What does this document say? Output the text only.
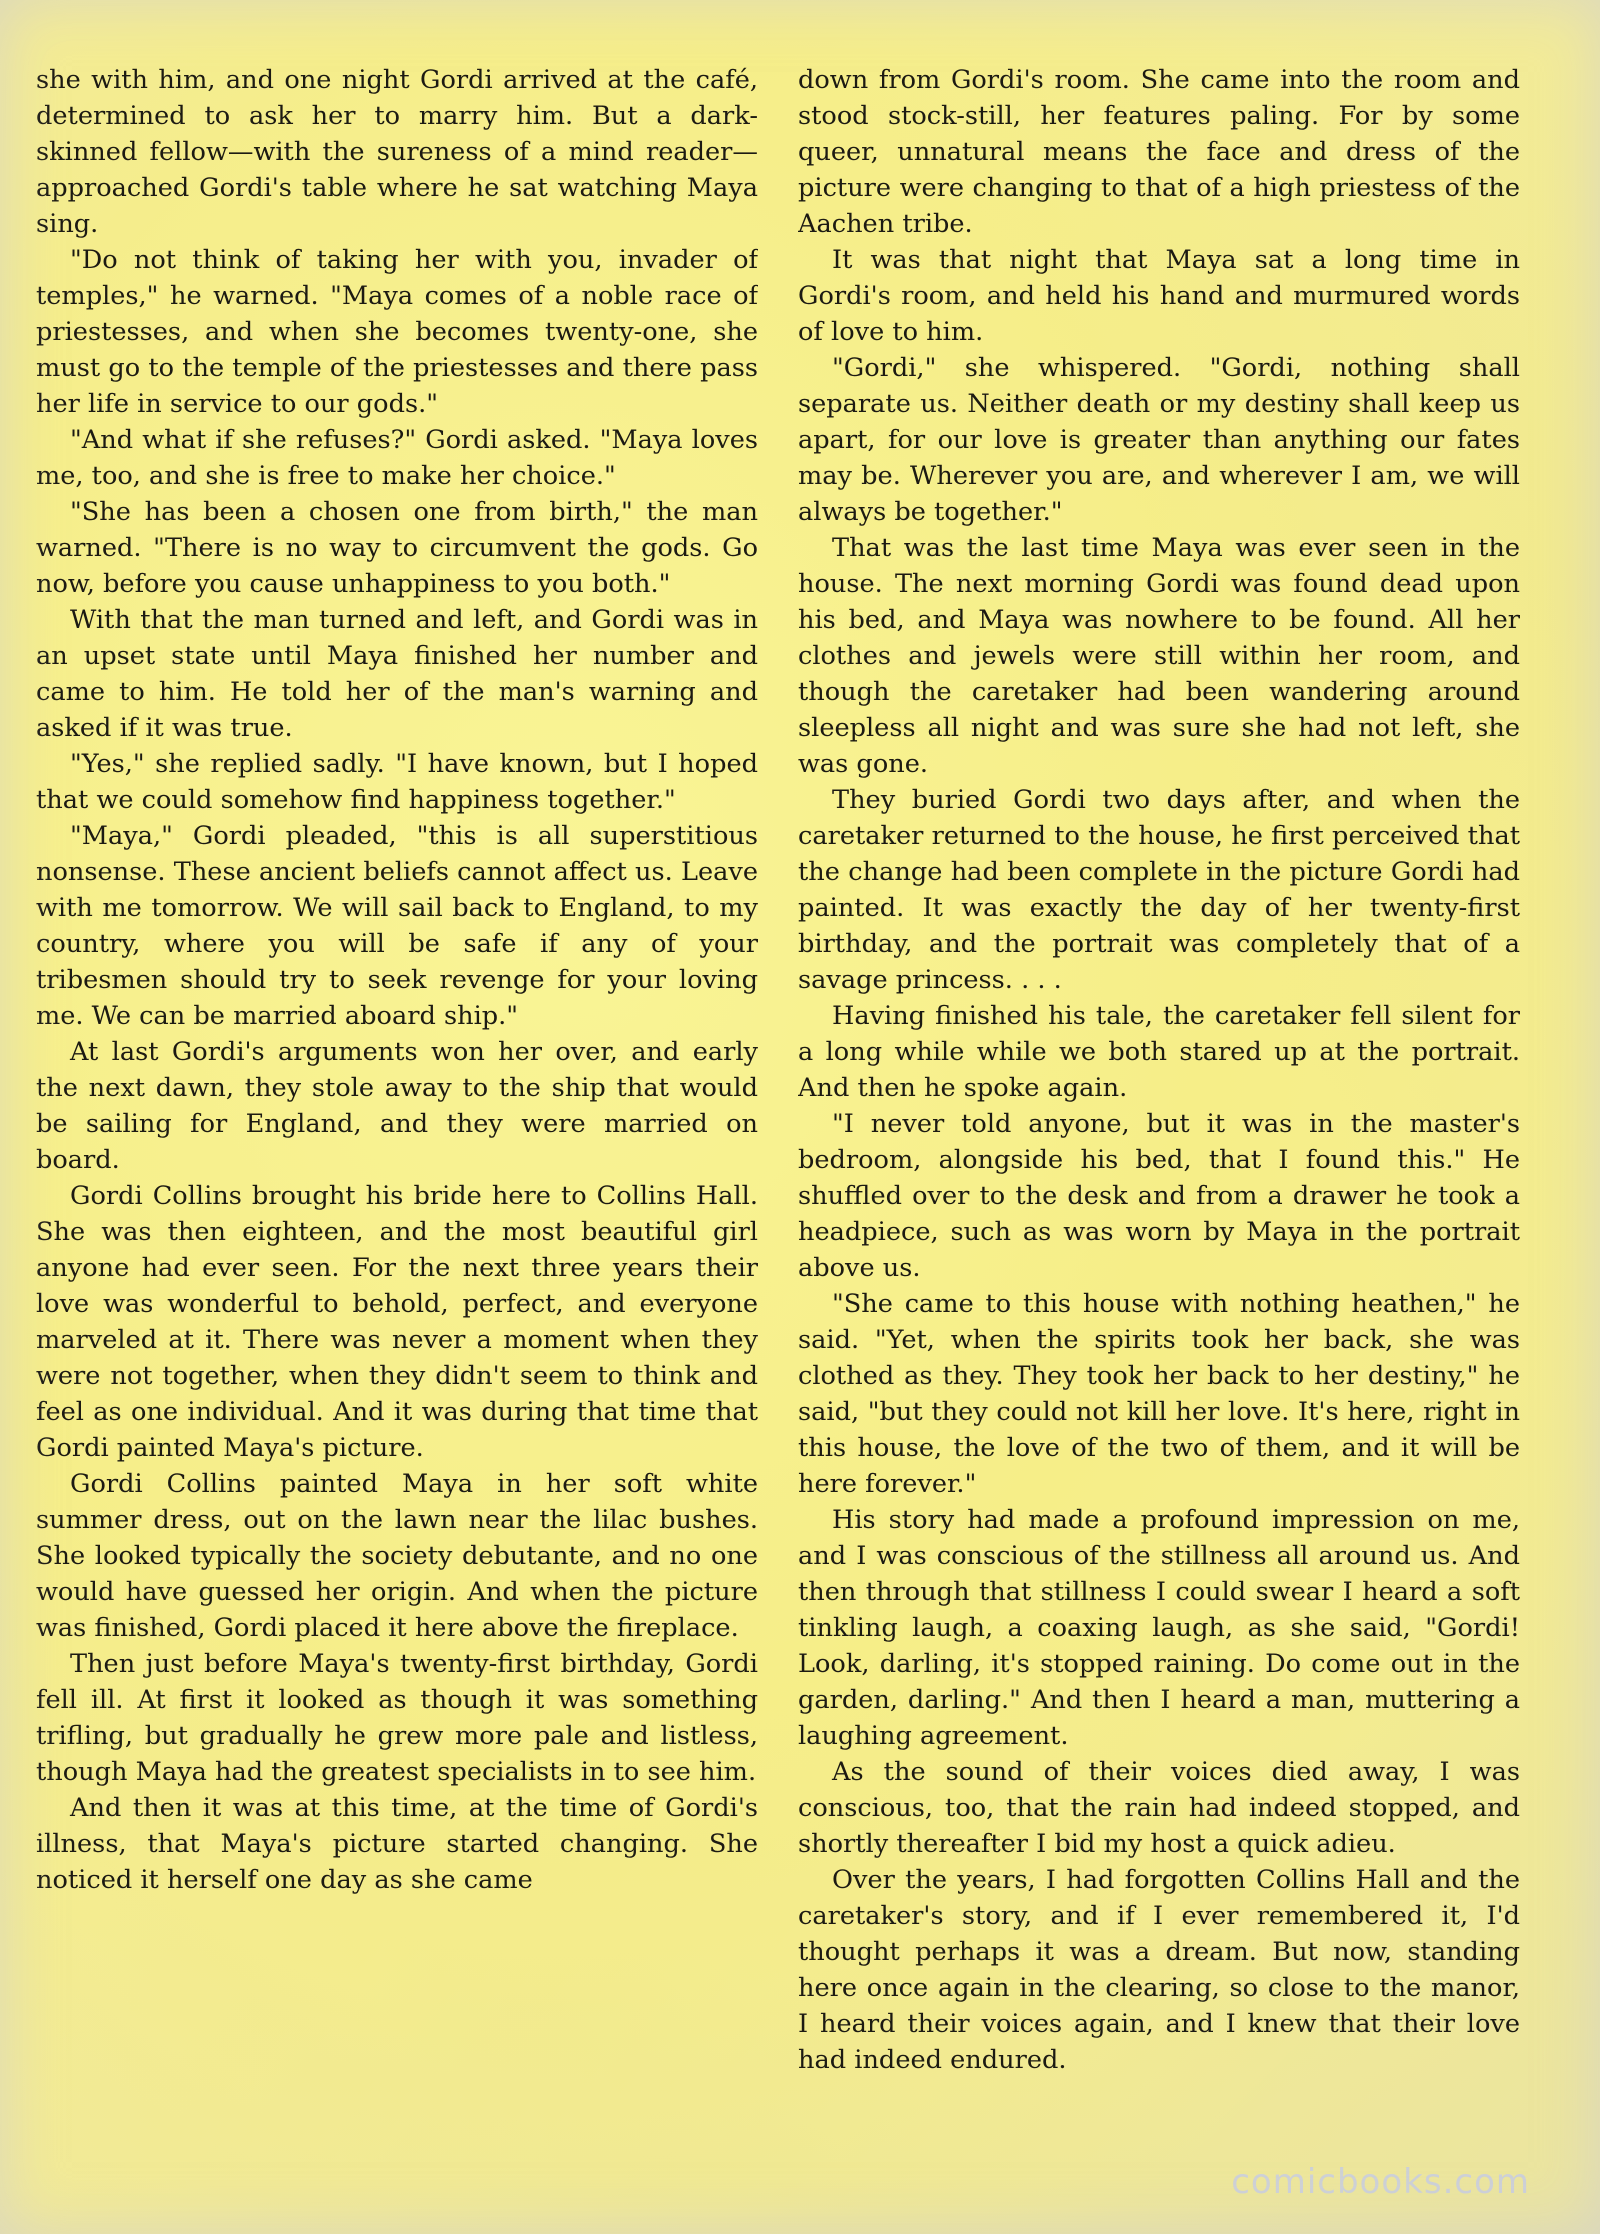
she with him, and one night Gordi arrived at the café, determined to ask her to marry him. But a dark-skinned fellow—with the sureness of a mind reader—approached Gordi's table where he sat watching Maya sing.

"Do not think of taking her with you, invader of temples," he warned. "Maya comes of a noble race of priestesses, and when she becomes twenty-one, she must go to the temple of the priestesses and there pass her life in service to our gods."

"And what if she refuses?" Gordi asked. "Maya loves me, too, and she is free to make her choice."

"She has been a chosen one from birth," the man warned. "There is no way to circumvent the gods. Go now, before you cause unhappiness to you both."

With that the man turned and left, and Gordi was in an upset state until Maya finished her number and came to him. He told her of the man's warning and asked if it was true.

"Yes," she replied sadly. "I have known, but I hoped that we could somehow find happiness together."

"Maya," Gordi pleaded, "this is all superstitious nonsense. These ancient beliefs cannot affect us. Leave with me tomorrow. We will sail back to England, to my country, where you will be safe if any of your tribesmen should try to seek revenge for your loving me. We can be married aboard ship."

At last Gordi's arguments won her over, and early the next dawn, they stole away to the ship that would be sailing for England, and they were married on board.

Gordi Collins brought his bride here to Collins Hall. She was then eighteen, and the most beautiful girl anyone had ever seen. For the next three years their love was wonderful to behold, perfect, and everyone marveled at it. There was never a moment when they were not together, when they didn't seem to think and feel as one individual. And it was during that time that Gordi painted Maya's picture.

Gordi Collins painted Maya in her soft white summer dress, out on the lawn near the lilac bushes. She looked typically the society debutante, and no one would have guessed her origin. And when the picture was finished, Gordi placed it here above the fireplace.

Then just before Maya's twenty-first birthday, Gordi fell ill. At first it looked as though it was something trifling, but gradually he grew more pale and listless, though Maya had the greatest specialists in to see him.

And then it was at this time, at the time of Gordi's illness, that Maya's picture started changing. She noticed it herself one day as she came

down from Gordi's room. She came into the room and stood stock-still, her features paling. For by some queer, unnatural means the face and dress of the picture were changing to that of a high priestess of the Aachen tribe.

It was that night that Maya sat a long time in Gordi's room, and held his hand and murmured words of love to him.

"Gordi," she whispered. "Gordi, nothing shall separate us. Neither death or my destiny shall keep us apart, for our love is greater than anything our fates may be. Wherever you are, and wherever I am, we will always be together."

That was the last time Maya was ever seen in the house. The next morning Gordi was found dead upon his bed, and Maya was nowhere to be found. All her clothes and jewels were still within her room, and though the caretaker had been wandering around sleepless all night and was sure she had not left, she was gone.

They buried Gordi two days after, and when the caretaker returned to the house, he first perceived that the change had been complete in the picture Gordi had painted. It was exactly the day of her twenty-first birthday, and the portrait was completely that of a savage princess. . . .

Having finished his tale, the caretaker fell silent for a long while while we both stared up at the portrait. And then he spoke again.

"I never told anyone, but it was in the master's bedroom, alongside his bed, that I found this." He shuffled over to the desk and from a drawer he took a headpiece, such as was worn by Maya in the portrait above us.

"She came to this house with nothing heathen," he said. "Yet, when the spirits took her back, she was clothed as they. They took her back to her destiny," he said, "but they could not kill her love. It's here, right in this house, the love of the two of them, and it will be here forever."

His story had made a profound impression on me, and I was conscious of the stillness all around us. And then through that stillness I could swear I heard a soft tinkling laugh, a coaxing laugh, as she said, "Gordi! Look, darling, it's stopped raining. Do come out in the garden, darling." And then I heard a man, muttering a laughing agreement.

As the sound of their voices died away, I was conscious, too, that the rain had indeed stopped, and shortly thereafter I bid my host a quick adieu.

Over the years, I had forgotten Collins Hall and the caretaker's story, and if I ever remembered it, I'd thought perhaps it was a dream. But now, standing here once again in the clearing, so close to the manor, I heard their voices again, and I knew that their love had indeed endured.

comicbooks.com
